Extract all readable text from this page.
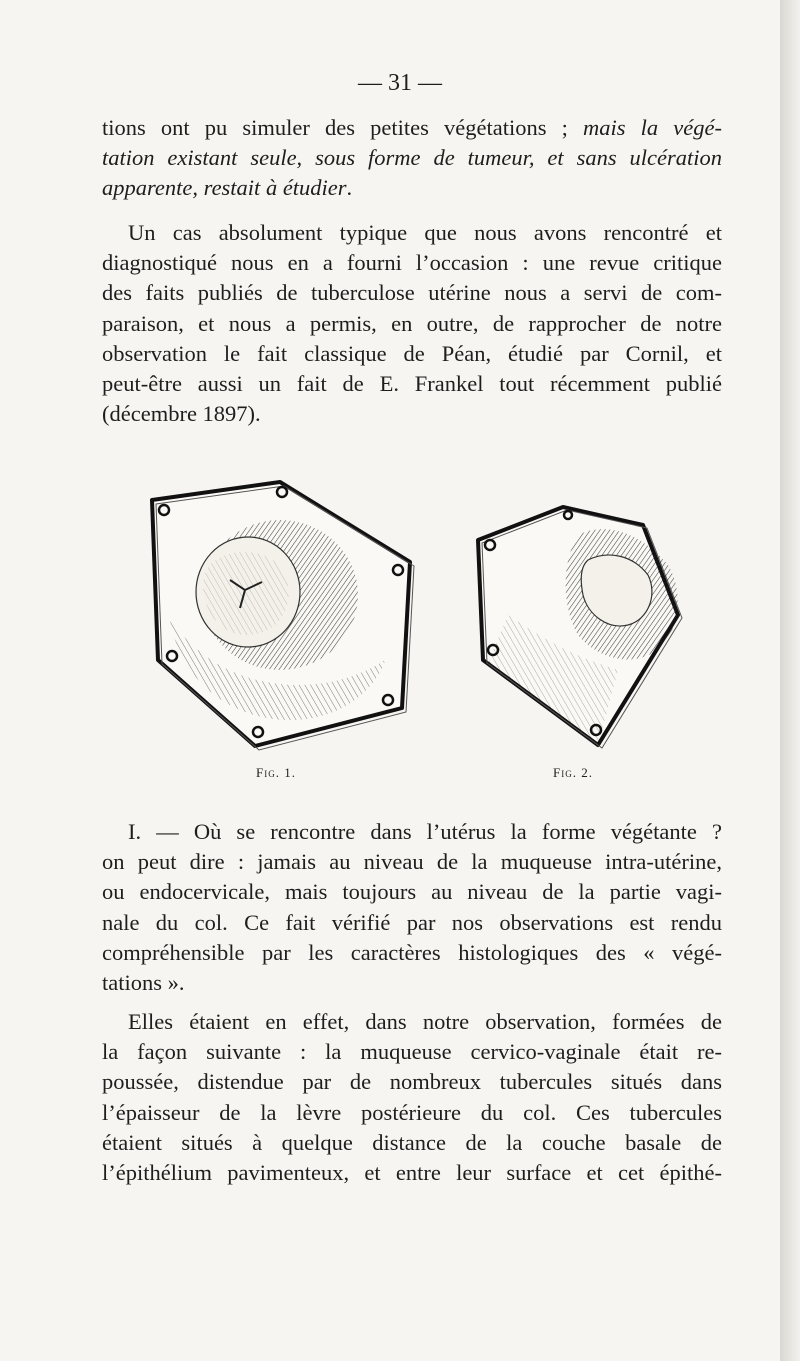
— 31 —
tions ont pu simuler des petites végétations ; mais la végé-
tation existant seule, sous forme de tumeur, et sans ulcération
apparente, restait à étudier.
Un cas absolument typique que nous avons rencontré et
diagnostiqué nous en a fourni l’occasion : une revue critique
des faits publiés de tuberculose utérine nous a servi de com-
paraison, et nous a permis, en outre, de rapprocher de notre
observation le fait classique de Péan, étudié par Cornil, et
peut-être aussi un fait de E. Frankel tout récemment publié
(décembre 1897).
Fig. 1.	Fig. 2.
I. — Où se rencontre dans l’utérus la forme végétante ?
on peut dire : jamais au niveau de la muqueuse intra-utérine,
ou endocervicale, mais toujours au niveau de la partie vagi-
nale du col. Ce fait vérifié par nos observations est rendu
compréhensible par les caractères histologiques des « végé-
tations ».
Elles étaient en effet, dans notre observation, formées de
la façon suivante : la muqueuse cervico-vaginale était re-
poussée, distendue par de nombreux tubercules situés dans
l’épaisseur de la lèvre postérieure du col. Ces tubercules
étaient situés à quelque distance de la couche basale de
l’épithélium pavimenteux, et entre leur surface et cet épithé-
